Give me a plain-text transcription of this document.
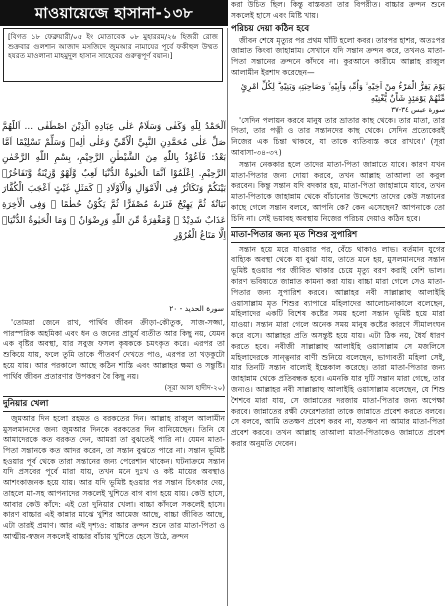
মাওয়ায়েজে হাসানা-১৩৮
[বিগত ১৮ ফেব্রুয়ারী/০৫ ইং মোতাবেক ০৮ মুহাররম/২৬ হিজরী রোজ শুক্রবার গুলশান আজাদ মসজিদে জুমআর নামাযের পূর্বে ফকীহুল উম্মত হযরত মাওলানা মাহমুদুল হাসান সাহেবের গুরুত্বপূর্ণ বয়ান।]
اَلْحَمْدُ لِلّٰهِ وَكَفٰى وَسَلَامٌ عَلٰى عِبَادِهِ الَّذِيْنَ اصْطَفٰى ... اَللّٰهُمَّ صَلِّ عَلٰى مُحَمَّدِنِ النَّبِيِّ الْاُمِّيِّ وَعَلٰى اٰلِهٖ وَسَلِّمْ تَسْلِيْمًا اَمَّا بَعْدُ: فَاَعُوْذُ بِاللّٰهِ مِنَ الشَّيْطٰنِ الرَّجِيْمِ، بِسْمِ اللّٰهِ الرَّحْمٰنِ الرَّحِيْمِ. اِعْلَمُوْا اَنَّمَا الْحَيٰوةُ الدُّنْيَا لَعِبٌ وَّلَهْوٌ وَّزِيْنَةٌ وَّتَفَاخُرٌۢ بَيْنَكُمْ وَتَكَاثُرٌ فِى الْاَمْوَالِ وَالْاَوْلَادِ ۗ كَمَثَلِ غَيْثٍ اَعْجَبَ الْكُفَّارَ نَبَاتُهٗ ثُمَّ يَهِيْجُ فَتَرٰىهُ مُصْفَرًّا ثُمَّ يَكُوْنُ حُطٰمًا ۗ وَفِى الْاٰخِرَةِ عَذَابٌ شَدِيْدٌ ۙ وَّمَغْفِرَةٌ مِّنَ اللّٰهِ وَرِضْوَانٌ ۗ وَمَا الْحَيٰوةُ الدُّنْيَاۤ اِلَّا مَتَاعُ الْغُرُوْرِ
سورة الحديد - ٢٠

'তোমরা জেনে রাখ, পার্থিব জীবন ক্রীড়া-কৌতুক, সাজ-সজ্জা, পারস্পরিক অহমিকা এবং ধন ও জনের প্রাচুর্য ব্যতীত আর কিছু নয়, যেমন এক বৃষ্টির অবস্থা, যার সবুজ ফসল কৃষককে চমৎকৃত করে। এরপর তা শুকিয়ে যায়, ফলে তুমি তাকে পীতবর্ণ দেখতে পাও, এরপর তা খড়কুটো হয়ে যায়। আর পরকালে আছে কঠিন শাস্তি এবং আল্লাহর ক্ষমা ও সন্তুষ্টি। পার্থিব জীবন প্রতারণার উপকরণ বৈ কিছু নয়।

(সূরা আল হাদীদ-২০)
দুনিয়ার খেলা

জুমআর দিন হলো রহমত ও বরকতের দিন। আল্লাহ রাব্বুল আলামীন মুসলমানদের জন্য জুমআর দিনকে বরকতের দিন বানিয়েছেন। তিনি যে আমাদেরকে কত বরকত দেন, আমরা তা বুঝতেই পারি না। যেমন মাতা-পিতা সন্তানকে কত আদর করেন, তা সন্তান বুঝতে পারে না। সন্তান ভূমিষ্ট হওয়ার পূর্ব থেকে তারা সন্তানের জন্য পেরেশান থাকেন। ঘটনাক্রমে সন্তান যদি প্রসবের পূর্বে মারা যায়, তখন মনে দুঃখ ও কষ্ট মায়ের অবস্থাও আশংকাজনক হয়ে যায়। আর যদি ভূমিষ্ট হওয়ার পর সন্তান চিৎকার দেয়, তাহলে মা-সহ আপনাদের সকলেই খুশিতে বাগ বাগ হয়ে যায়। কেউ হাসে, আবার কেউ কাঁদে: এই তো দুনিয়ার খেলা। বাচ্চা কাঁদলে সকলেই হাসে। কারণ বাচ্চার এই কান্নার মাঝে খুশির আমেজ আছে, বাচ্চা জীবিত আছে, এটা তারই প্রমাণ। আর এই দৃশ্যও: বাচ্চার ক্রন্দন শুনে তার মাতা-পিতা ও আত্মীয়-স্বজন সকলেই বাচ্চার বাঁচায় খুশিতে হেসে উঠে, ক্রন্দন

করা উচিত ছিল। কিন্তু বাস্তবতা তার বিপরীত। বাচ্চার ক্রন্দন শুনে সকলেই হাসে এবং মিষ্টি খায়।

পরিচয় দেয়া কঠিন হবে

জীবন শেষে মৃত্যুর পর প্রথম ঘাঁটি হলো কবর। তারপর হাশর, অতঃপর জান্নাত কিংবা জাহান্নাম। সেখানে যদি সন্তান ক্রন্দন করে, তখনও মাতা-পিতা সন্তানের ক্রন্দনে কাঁদবে না। কুরআনে কারীমে আল্লাহ রাব্বুল আলামীন ইরশাদ করেছেন—

يَوْمَ يَفِرُّ الْمَرْءُ مِنْ اَخِيْهِ ۙ وَاُمِّهٖ وَاَبِيْهِ ۙ وَصَاحِبَتِهٖ وَبَنِيْهِ ۗ لِكُلِّ امْرِئٍ مِّنْهُمْ يَوْمَئِذٍ شَاْنٌ يُّغْنِيْهِ
سورة عبس ٣٤-٣٧

'সেদিন পলায়ন করবে মানুষ তার ভ্রাতার কাছ থেকে। তার মাতা, তার পিতা, তার পত্নী ও তার সন্তানদের কাছ থেকে। সেদিন প্রত্যেকেরই নিজের এক চিন্তা থাকবে, যা তাকে ব্যতিব্যস্ত করে রাখবে।' (সূরা আবাসা-৩৪-৩৭)

সন্তান নেককার হলে তাদের মাতা-পিতা জান্নাতে যাবে। কারণ যখন মাতা-পিতার জন্য দোয়া করবে, তখন আল্লাহ তাআলা তা কবুল করবেন। কিন্তু সন্তান যদি বদকার হয়, মাতা-পিতা জাহান্নামে যাবে, তখন মাতা-পিতাকে জাহান্নাম থেকে বাঁচানোর উদ্দেশ্যে তাদের কেউ সন্তানের কাছে গেলে সন্তান বলবে, আপনি কে? কেন এসেছেন? আপনাকে তো চিনি না। সেই ভয়াবহ অবস্থায় নিজের পরিচয় দেয়াও কঠিন হবে।

মাতা-পিতার জন্য মৃত শিশুর সুপারিশ

সন্তান হয়ে মরে যাওয়ার পর, বেঁচে থাকাও লাভ। বর্তমান যুগের বাহ্যিক অবস্থা থেকে যা বুঝা যায়, তাতে মনে হয়, মুসলমানদের সন্তান ভূমিষ্ট হওয়ার পর জীবিত থাকার চেয়ে মৃত্যু বরণ করাই বেশি ভাল। কারণ ভবিষ্যতে জান্নাত কামনা করা যায়। বাচ্চা মারা গেলে সেও মাতা-পিতার জন্য সুপারিশ করবে। আল্লাহর নবী সাল্লাল্লাহু আলাইহি ওয়াসাল্লাম মৃত শিশুর ব্যাপারে মহিলাদের আলোচনাকালে বলেছেন, মহিলাদের একটি বিশেষ কষ্টের সময় হলো সন্তান ভূমিষ্ট হয়ে মারা যাওয়া। সন্তান মারা গেলে অনেক সময় মানুষ কষ্টের কারণে সীমালংঘন করে বসে। আল্লাহর প্রতি অসন্তুষ্ট হয়ে যায়। এটা ঠিক নয়, ধৈর্য ধারণ করতে হবে। নবীজী সাল্লাল্লাহু আলাইহি ওয়াসাল্লাম সে মজলিসে মহিলাদেরকে সান্ত্বনার বাণী শুনিয়ে বলেছেন, ভাগ্যবতী মহিলা সেই, যার তিনটি সন্তান বাল্যেই ইন্তেকাল করেছে। তারা মাতা-পিতার জন্য জাহান্নাম থেকে প্রতিবন্ধক হবে। এমনকি যার দুটি সন্তান মারা গেছে, তার জন্যও। আল্লাহর নবী সাল্লাল্লাহু আলাইহি ওয়াসাল্লাম বলেছেন, যে শিশু শৈশবে মারা যায়, সে জান্নাতের দরজায় মাতা-পিতার জন্য অপেক্ষা করবে। জান্নাতের রক্ষী ফেরেশতারা তাকে জান্নাতে প্রবেশ করতে বলবে। সে বলবে, আমি ততক্ষণ প্রবেশ করব না, যতক্ষণ না আমার মাতা-পিতা প্রবেশ করবে। তখন আল্লাহ তাআলা মাতা-পিতাকেও জান্নাতে প্রবেশ করার অনুমতি দেবেন।
